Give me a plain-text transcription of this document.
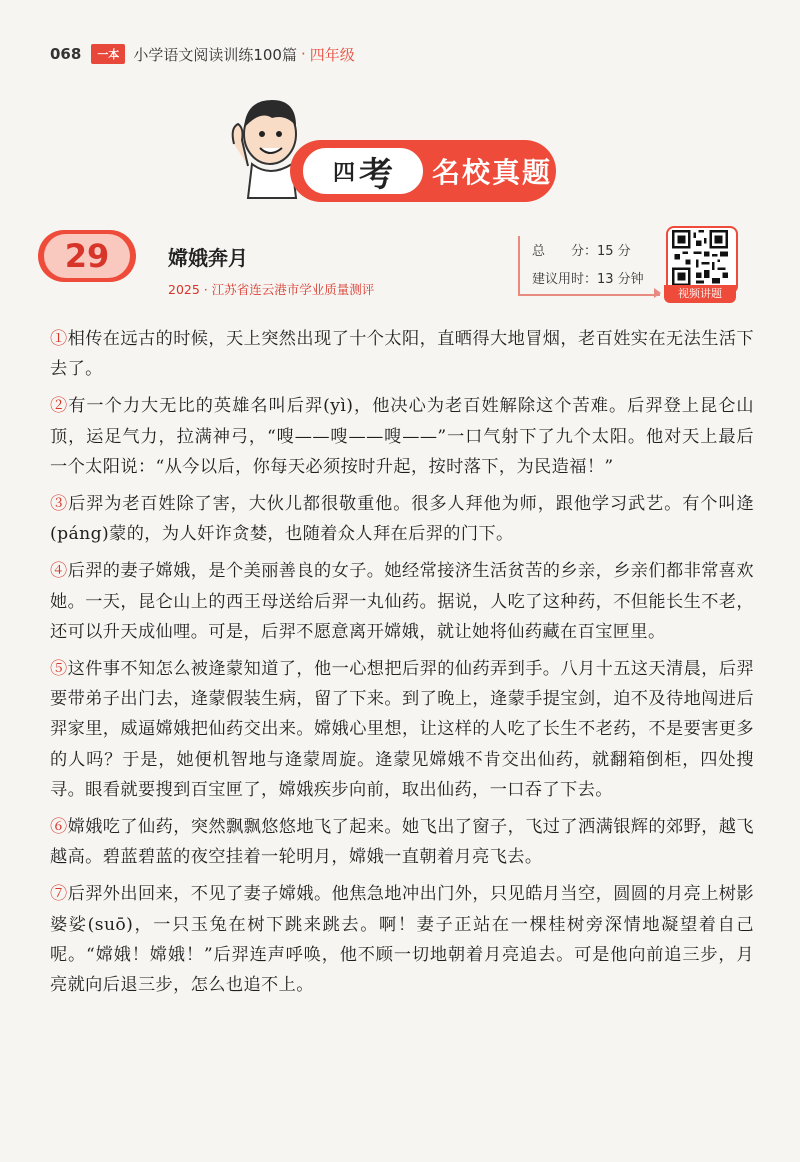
068	一本 小学语文阅读训练100篇 · 四年级
四 考 名校真题
29	嫦娥奔月
2025 · 江苏省连云港市学业质量测评
总　　分：15 分
建议用时：13 分钟
视频讲题

①相传在远古的时候，天上突然出现了十个太阳，直晒得大地冒烟，老百姓实在无法生活下去了。

②有一个力大无比的英雄名叫后羿(yì)，他决心为老百姓解除这个苦难。后羿登上昆仑山顶，运足气力，拉满神弓，“嗖——嗖——嗖——”一口气射下了九个太阳。他对天上最后一个太阳说：“从今以后，你每天必须按时升起，按时落下，为民造福！”

③后羿为老百姓除了害，大伙儿都很敬重他。很多人拜他为师，跟他学习武艺。有个叫逄(páng)蒙的，为人奸诈贪婪，也随着众人拜在后羿的门下。

④后羿的妻子嫦娥，是个美丽善良的女子。她经常接济生活贫苦的乡亲，乡亲们都非常喜欢她。一天，昆仑山上的西王母送给后羿一丸仙药。据说，人吃了这种药，不但能长生不老，还可以升天成仙哩。可是，后羿不愿意离开嫦娥，就让她将仙药藏在百宝匣里。

⑤这件事不知怎么被逄蒙知道了，他一心想把后羿的仙药弄到手。八月十五这天清晨，后羿要带弟子出门去，逄蒙假装生病，留了下来。到了晚上，逄蒙手提宝剑，迫不及待地闯进后羿家里，威逼嫦娥把仙药交出来。嫦娥心里想，让这样的人吃了长生不老药，不是要害更多的人吗？于是，她便机智地与逄蒙周旋。逄蒙见嫦娥不肯交出仙药，就翻箱倒柜，四处搜寻。眼看就要搜到百宝匣了，嫦娥疾步向前，取出仙药，一口吞了下去。

⑥嫦娥吃了仙药，突然飘飘悠悠地飞了起来。她飞出了窗子，飞过了洒满银辉的郊野，越飞越高。碧蓝碧蓝的夜空挂着一轮明月，嫦娥一直朝着月亮飞去。

⑦后羿外出回来，不见了妻子嫦娥。他焦急地冲出门外，只见皓月当空，圆圆的月亮上树影婆娑(suō)，一只玉兔在树下跳来跳去。啊！妻子正站在一棵桂树旁深情地凝望着自己呢。“嫦娥！嫦娥！”后羿连声呼唤，他不顾一切地朝着月亮追去。可是他向前追三步，月亮就向后退三步，怎么也追不上。
